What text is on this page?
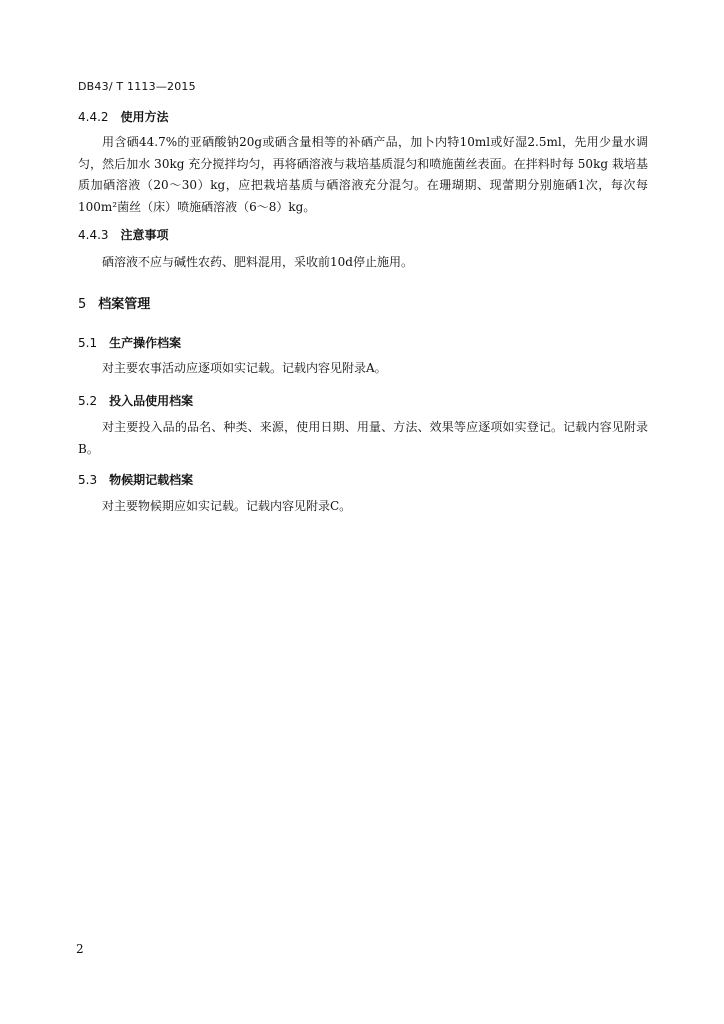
DB43/ T 1113—2015
4.4.2 使用方法
用含硒44.7%的亚硒酸钠20g或硒含量相等的补硒产品，加卜内特10ml或好湿2.5ml，先用少量水调匀，然后加水 30kg 充分搅拌均匀，再将硒溶液与栽培基质混匀和喷施菌丝表面。在拌料时每 50kg 栽培基质加硒溶液（20～30）kg，应把栽培基质与硒溶液充分混匀。在珊瑚期、现蕾期分别施硒1次，每次每100m²菌丝（床）喷施硒溶液（6～8）kg。
4.4.3 注意事项
硒溶液不应与碱性农药、肥料混用，采收前10d停止施用。
5 档案管理
5.1 生产操作档案
对主要农事活动应逐项如实记载。记载内容见附录A。
5.2 投入品使用档案
对主要投入品的品名、种类、来源，使用日期、用量、方法、效果等应逐项如实登记。记载内容见附录B。
5.3 物候期记载档案
对主要物候期应如实记载。记载内容见附录C。
2
